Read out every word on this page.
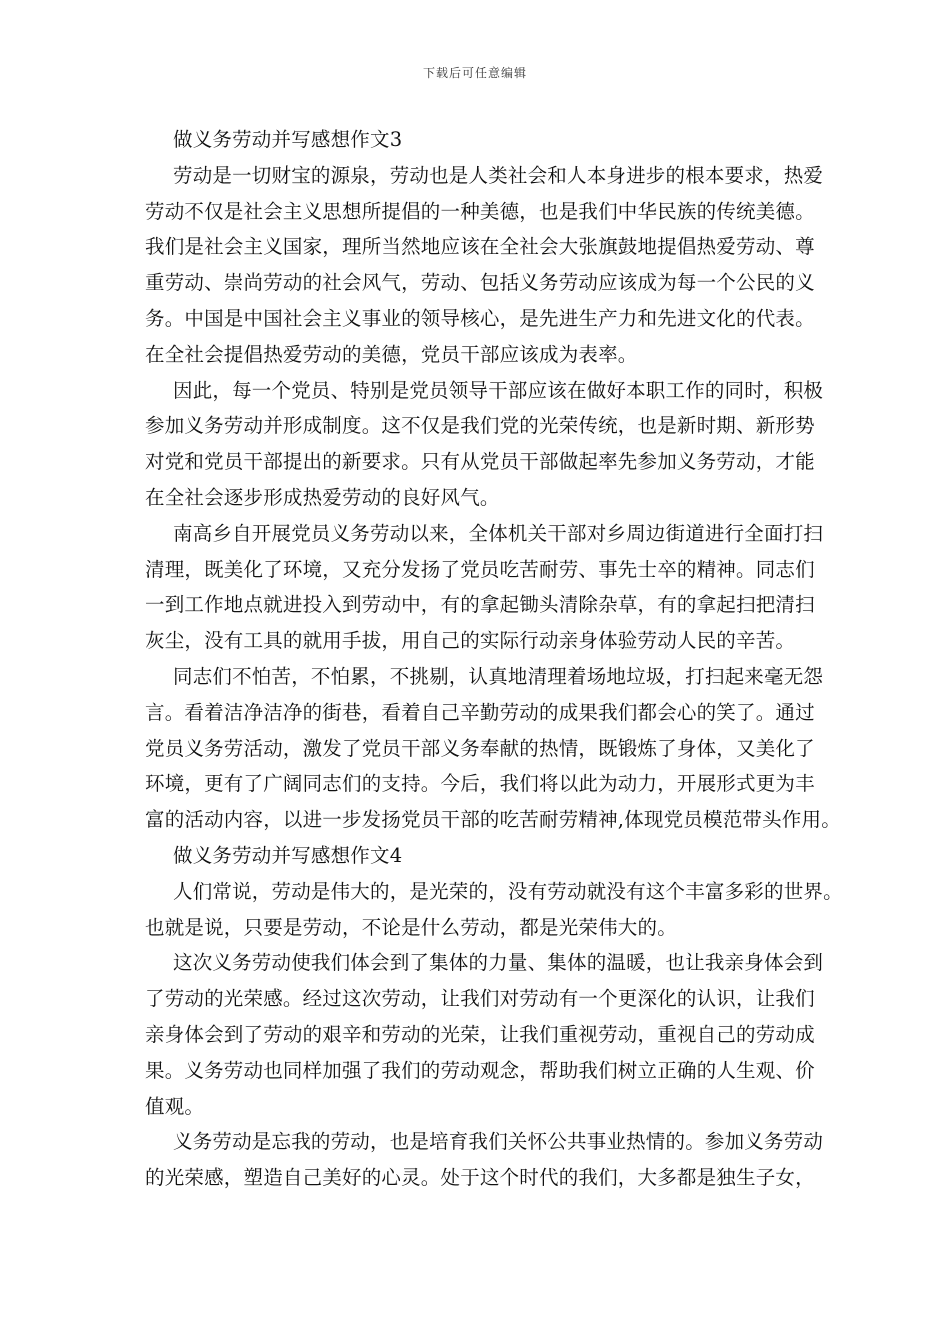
下载后可任意编辑
做义务劳动并写感想作文3
劳动是一切财宝的源泉，劳动也是人类社会和人本身进步的根本要求，热爱
劳动不仅是社会主义思想所提倡的一种美德，也是我们中华民族的传统美德。
我们是社会主义国家，理所当然地应该在全社会大张旗鼓地提倡热爱劳动、尊
重劳动、崇尚劳动的社会风气，劳动、包括义务劳动应该成为每一个公民的义
务。中国是中国社会主义事业的领导核心，是先进生产力和先进文化的代表。
在全社会提倡热爱劳动的美德，党员干部应该成为表率。
因此，每一个党员、特别是党员领导干部应该在做好本职工作的同时，积极
参加义务劳动并形成制度。这不仅是我们党的光荣传统，也是新时期、新形势
对党和党员干部提出的新要求。只有从党员干部做起率先参加义务劳动，才能
在全社会逐步形成热爱劳动的良好风气。
南高乡自开展党员义务劳动以来，全体机关干部对乡周边街道进行全面打扫
清理，既美化了环境，又充分发扬了党员吃苦耐劳、事先士卒的精神。同志们
一到工作地点就进投入到劳动中，有的拿起锄头清除杂草，有的拿起扫把清扫
灰尘，没有工具的就用手拔，用自己的实际行动亲身体验劳动人民的辛苦。
同志们不怕苦，不怕累，不挑剔，认真地清理着场地垃圾，打扫起来毫无怨
言。看着洁净洁净的街巷，看着自己辛勤劳动的成果我们都会心的笑了。通过
党员义务劳活动，激发了党员干部义务奉献的热情，既锻炼了身体，又美化了
环境，更有了广阔同志们的支持。今后，我们将以此为动力，开展形式更为丰
富的活动内容，以进一步发扬党员干部的吃苦耐劳精神,体现党员模范带头作用。
做义务劳动并写感想作文4
人们常说，劳动是伟大的，是光荣的，没有劳动就没有这个丰富多彩的世界。
也就是说，只要是劳动，不论是什么劳动，都是光荣伟大的。
这次义务劳动使我们体会到了集体的力量、集体的温暖，也让我亲身体会到
了劳动的光荣感。经过这次劳动，让我们对劳动有一个更深化的认识，让我们
亲身体会到了劳动的艰辛和劳动的光荣，让我们重视劳动，重视自己的劳动成
果。义务劳动也同样加强了我们的劳动观念，帮助我们树立正确的人生观、价
值观。
义务劳动是忘我的劳动，也是培育我们关怀公共事业热情的。参加义务劳动
的光荣感，塑造自己美好的心灵。处于这个时代的我们，大多都是独生子女，
